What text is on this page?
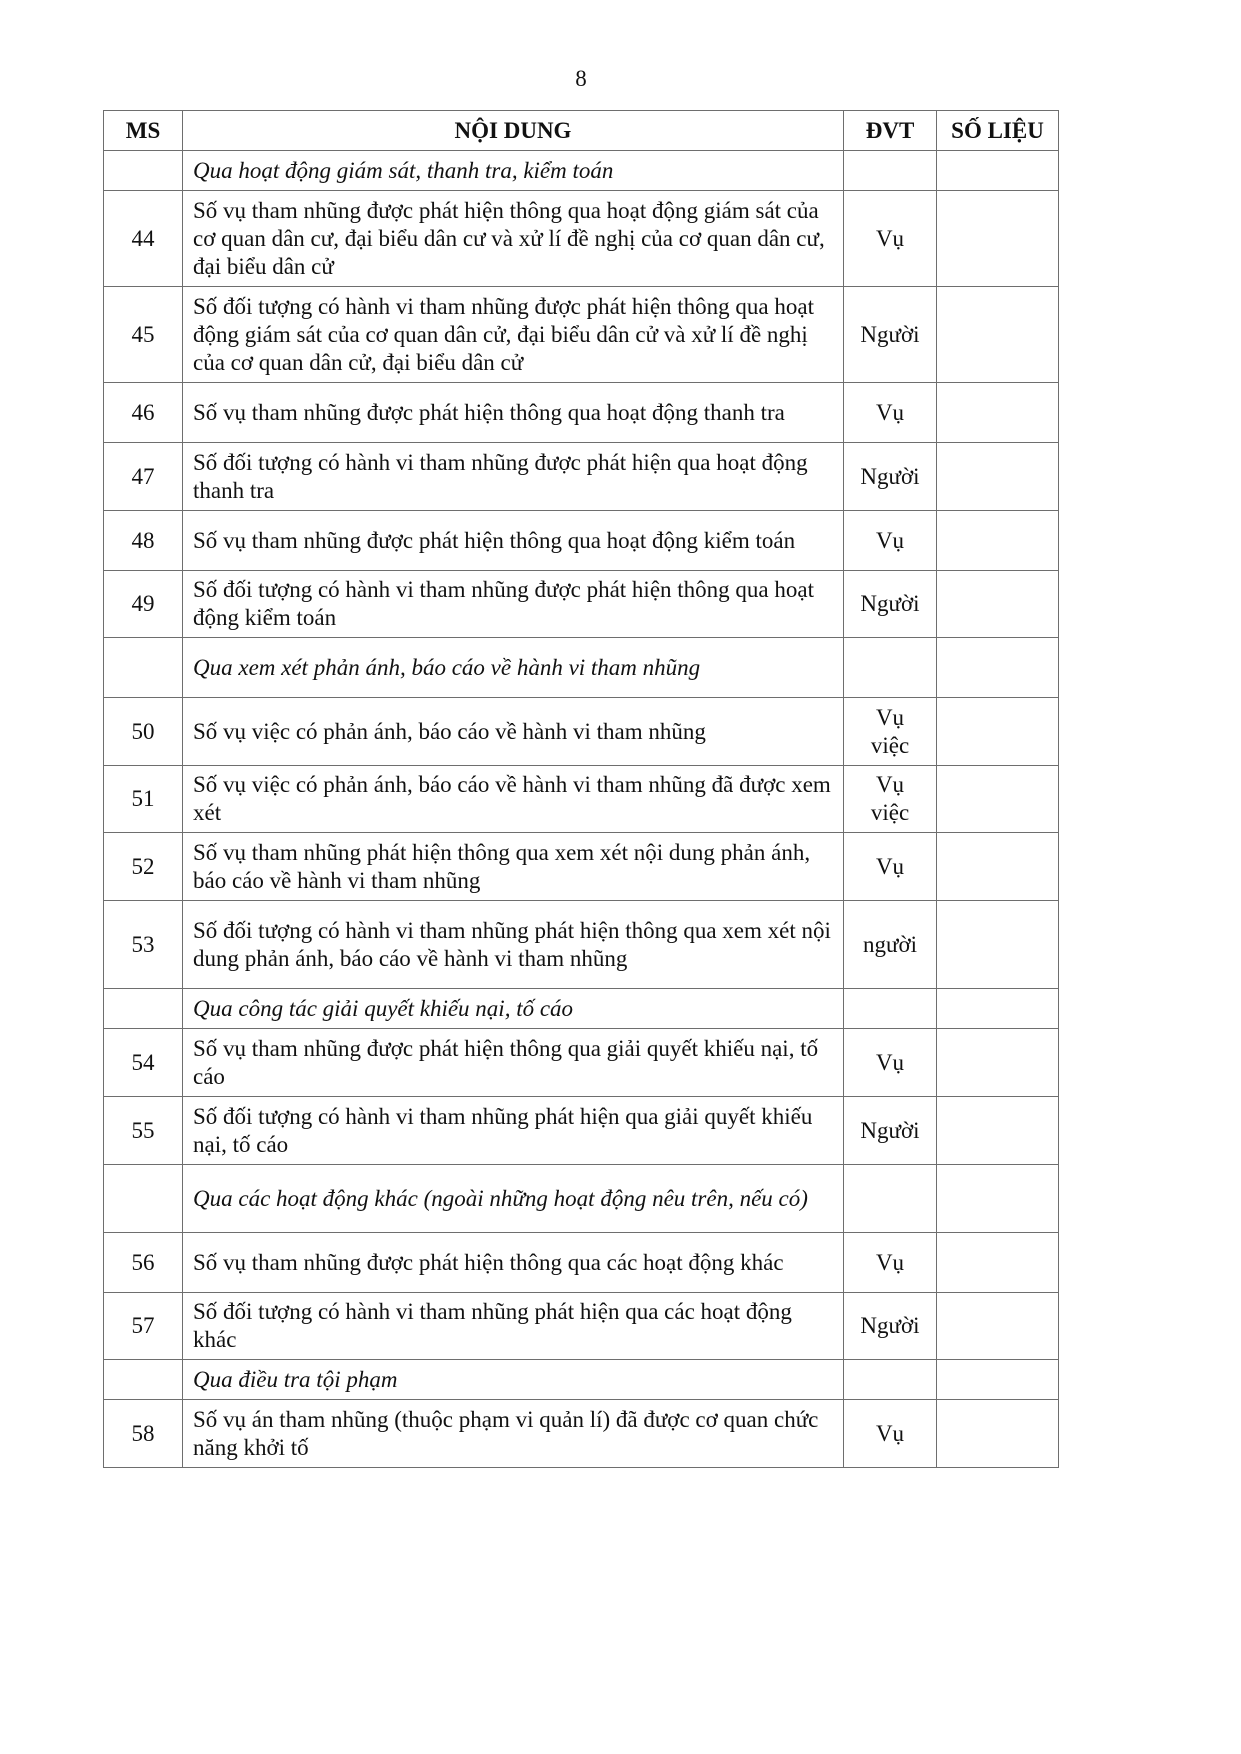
8
MS	NỘI DUNG	ĐVT	SỐ LIỆU
	Qua hoạt động giám sát, thanh tra, kiểm toán		
44	Số vụ tham nhũng được phát hiện thông qua hoạt động giám sát của cơ quan dân cư, đại biểu dân cư và xử lí đề nghị của cơ quan dân cư, đại biểu dân cử	Vụ	
45	Số đối tượng có hành vi tham nhũng được phát hiện thông qua hoạt động giám sát của cơ quan dân cử, đại biểu dân cử và xử lí đề nghị của cơ quan dân cử, đại biểu dân cử	Người	
46	Số vụ tham nhũng được phát hiện thông qua hoạt động thanh tra	Vụ	
47	Số đối tượng có hành vi tham nhũng được phát hiện qua hoạt động thanh tra	Người	
48	Số vụ tham nhũng được phát hiện thông qua hoạt động kiểm toán	Vụ	
49	Số đối tượng có hành vi tham nhũng được phát hiện thông qua hoạt động kiểm toán	Người	
	Qua xem xét phản ánh, báo cáo về hành vi tham nhũng		
50	Số vụ việc có phản ánh, báo cáo về hành vi tham nhũng	Vụ việc	
51	Số vụ việc có phản ánh, báo cáo về hành vi tham nhũng đã được xem xét	Vụ việc	
52	Số vụ tham nhũng phát hiện thông qua xem xét nội dung phản ánh, báo cáo về hành vi tham nhũng	Vụ	
53	Số đối tượng có hành vi tham nhũng phát hiện thông qua xem xét nội dung phản ánh, báo cáo về hành vi tham nhũng	người	
	Qua công tác giải quyết khiếu nại, tố cáo		
54	Số vụ tham nhũng được phát hiện thông qua giải quyết khiếu nại, tố cáo	Vụ	
55	Số đối tượng có hành vi tham nhũng phát hiện qua giải quyết khiếu nại, tố cáo	Người	
	Qua các hoạt động khác (ngoài những hoạt động nêu trên, nếu có)		
56	Số vụ tham nhũng được phát hiện thông qua các hoạt động khác	Vụ	
57	Số đối tượng có hành vi tham nhũng phát hiện qua các hoạt động khác	Người	
	Qua điều tra tội phạm		
58	Số vụ án tham nhũng (thuộc phạm vi quản lí) đã được cơ quan chức năng khởi tố	Vụ	
